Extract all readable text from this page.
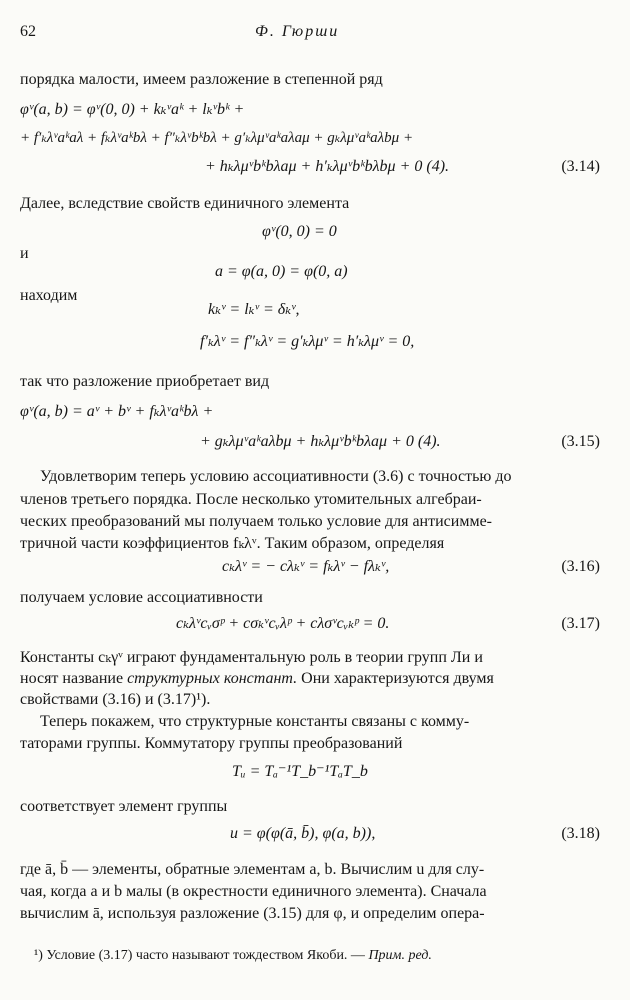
62	Ф. Гюрши
порядка малости, имеем разложение в степенной ряд
φᵛ(a, b) = φᵛ(0, 0) + kₖᵛaᵏ + lₖᵛbᵏ +
+ f′ₖλᵛaᵏaλ + fₖλᵛaᵏbλ + f″ₖλᵛbᵏbλ + g′ₖλμᵛaᵏaλaμ + gₖλμᵛaᵏaλbμ +
+ hₖλμᵛbᵏbλaμ + h′ₖλμᵛbᵏbλbμ + 0 (4).	(3.14)
Далее, вследствие свойств единичного элемента
φᵛ(0, 0) = 0
и
a = φ(a, 0) = φ(0, a)
находим
kₖᵛ = lₖᵛ = δₖᵛ,
f′ₖλᵛ = f″ₖλᵛ = g′ₖλμᵛ = h′ₖλμᵛ = 0,
так что разложение приобретает вид
φᵛ(a, b) = aᵛ + bᵛ + fₖλᵛaᵏbλ +
+ gₖλμᵛaᵏaλbμ + hₖλμᵛbᵏbλaμ + 0 (4).	(3.15)
Удовлетворим теперь условию ассоциативности (3.6) с точностью до
членов третьего порядка. После несколько утомительных алгебраи-
ческих преобразований мы получаем только условие для антисимме-
тричной части коэффициентов fₖλᵛ. Таким образом, определяя
cₖλᵛ = − cλₖᵛ = fₖλᵛ − fλₖᵛ,	(3.16)
получаем условие ассоциативности
cₖλᵛcᵥσᵖ + cσₖᵛcᵥλᵖ + cλσᵛcᵥₖᵖ = 0.	(3.17)
Константы cₖγᵛ играют фундаментальную роль в теории групп Ли и
носят название структурных констант. Они характеризуются двумя
свойствами (3.16) и (3.17)¹).
Теперь покажем, что структурные константы связаны с комму-
таторами группы. Коммутатору группы преобразований
Tᵤ = Tₐ⁻¹T_b⁻¹TₐT_b
соответствует элемент группы
u = φ(φ(ā, b̄), φ(a, b)),	(3.18)
где ā, b̄ — элементы, обратные элементам a, b. Вычислим u для слу-
чая, когда a и b малы (в окрестности единичного элемента). Сначала
вычислим ā, используя разложение (3.15) для φ, и определим опера-
¹) Условие (3.17) часто называют тождеством Якоби. — Прим. ред.
